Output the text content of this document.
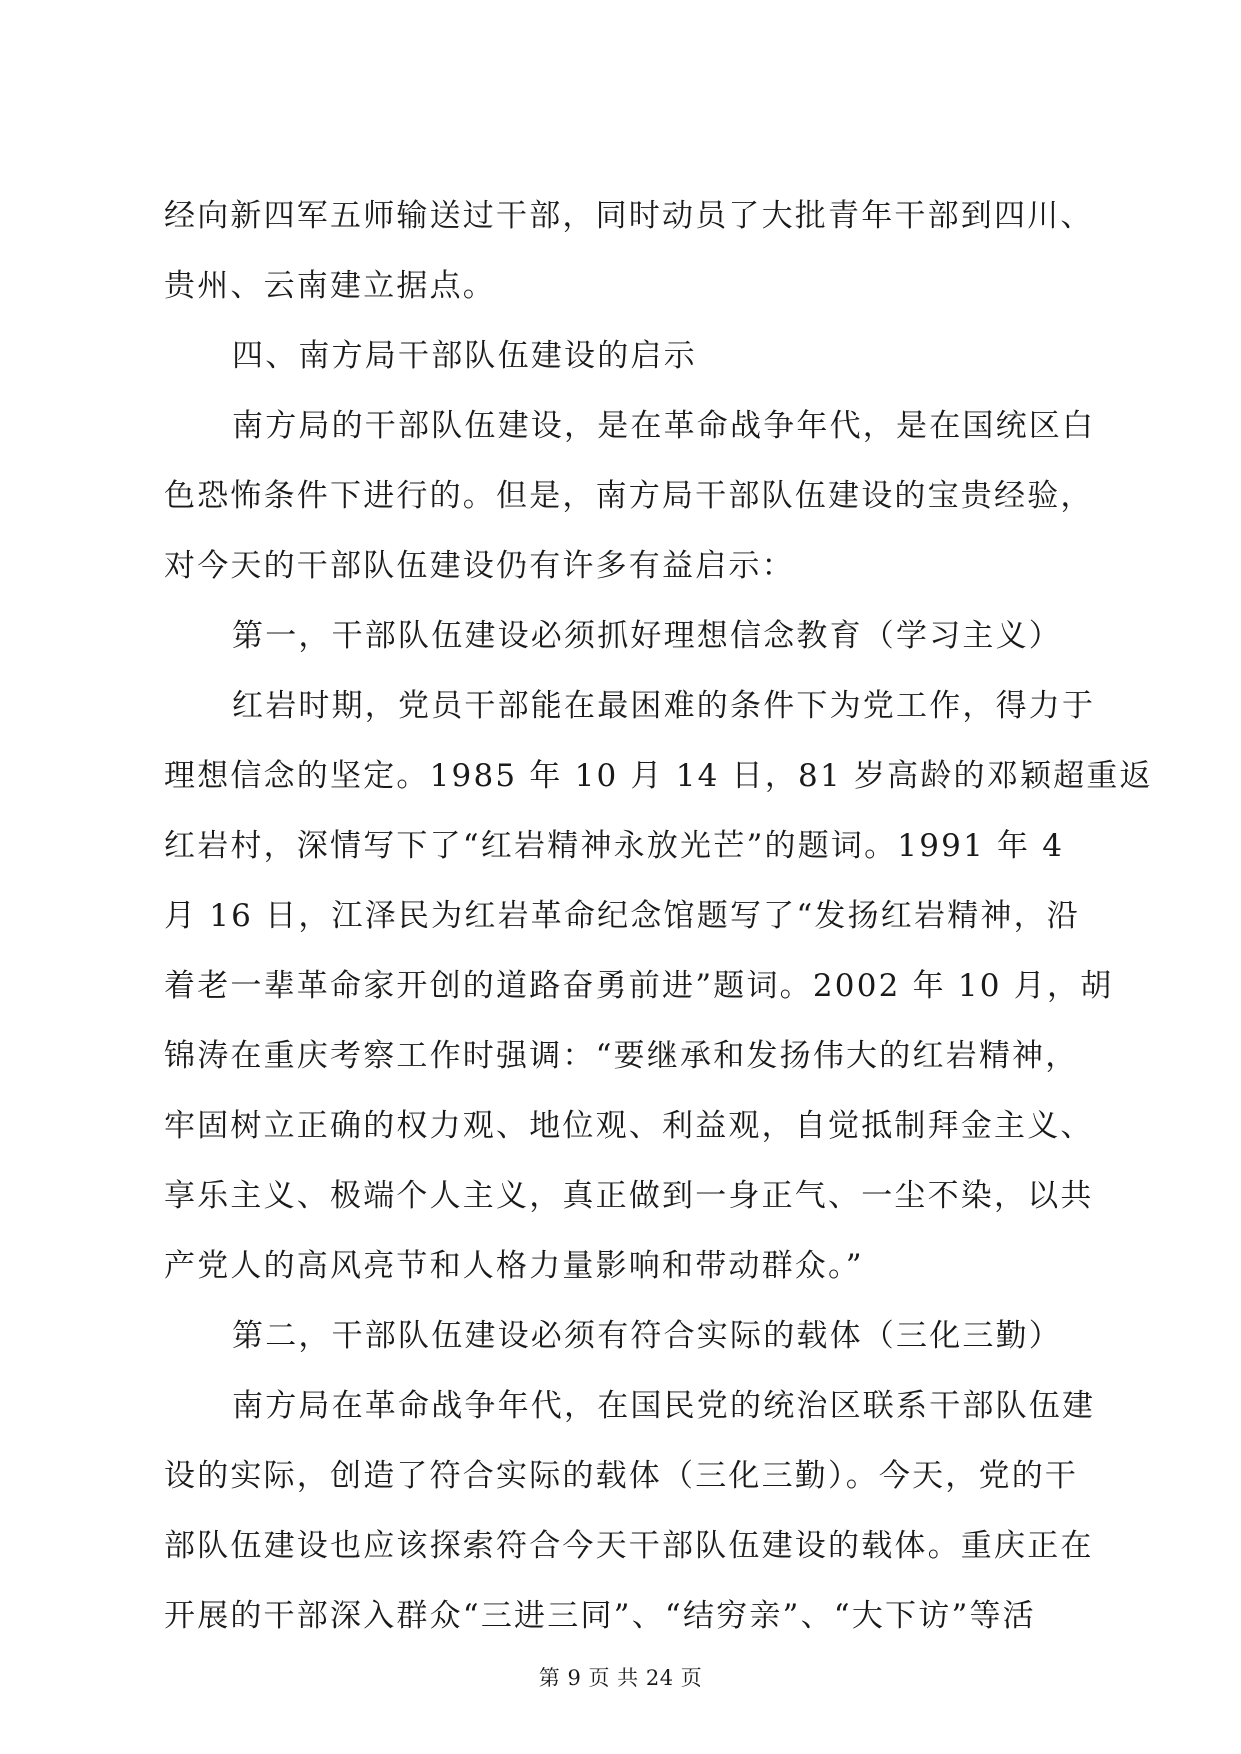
经向新四军五师输送过干部，同时动员了大批青年干部到四川、
贵州、云南建立据点。
四、南方局干部队伍建设的启示
南方局的干部队伍建设，是在革命战争年代，是在国统区白
色恐怖条件下进行的。但是，南方局干部队伍建设的宝贵经验，
对今天的干部队伍建设仍有许多有益启示：
第一，干部队伍建设必须抓好理想信念教育（学习主义）
红岩时期，党员干部能在最困难的条件下为党工作，得力于
理想信念的坚定。1985 年 10 月 14 日，81 岁高龄的邓颖超重返
红岩村，深情写下了“红岩精神永放光芒”的题词。1991 年 4
月 16 日，江泽民为红岩革命纪念馆题写了“发扬红岩精神，沿
着老一辈革命家开创的道路奋勇前进”题词。2002 年 10 月，胡
锦涛在重庆考察工作时强调：“要继承和发扬伟大的红岩精神，
牢固树立正确的权力观、地位观、利益观，自觉抵制拜金主义、
享乐主义、极端个人主义，真正做到一身正气、一尘不染，以共
产党人的高风亮节和人格力量影响和带动群众。”
第二，干部队伍建设必须有符合实际的载体（三化三勤）
南方局在革命战争年代，在国民党的统治区联系干部队伍建
设的实际，创造了符合实际的载体（三化三勤）。今天，党的干
部队伍建设也应该探索符合今天干部队伍建设的载体。重庆正在
开展的干部深入群众“三进三同”、“结穷亲”、“大下访”等活
第 9 页 共 24 页
